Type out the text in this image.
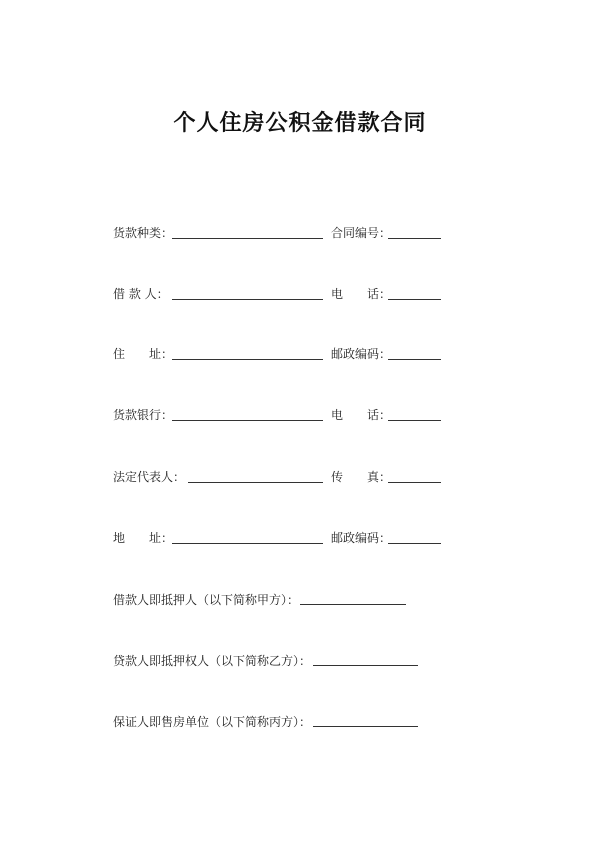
个人住房公积金借款合同
货款种类：	合同编号：
借 款 人：	电　　话：
住　　址：	邮政编码：
货款银行：	电　　话：
法定代表人：	传　　真：
地　　址：	邮政编码：
借款人即抵押人（以下简称甲方）：
贷款人即抵押权人（以下简称乙方）：
保证人即售房单位（以下简称丙方）：
